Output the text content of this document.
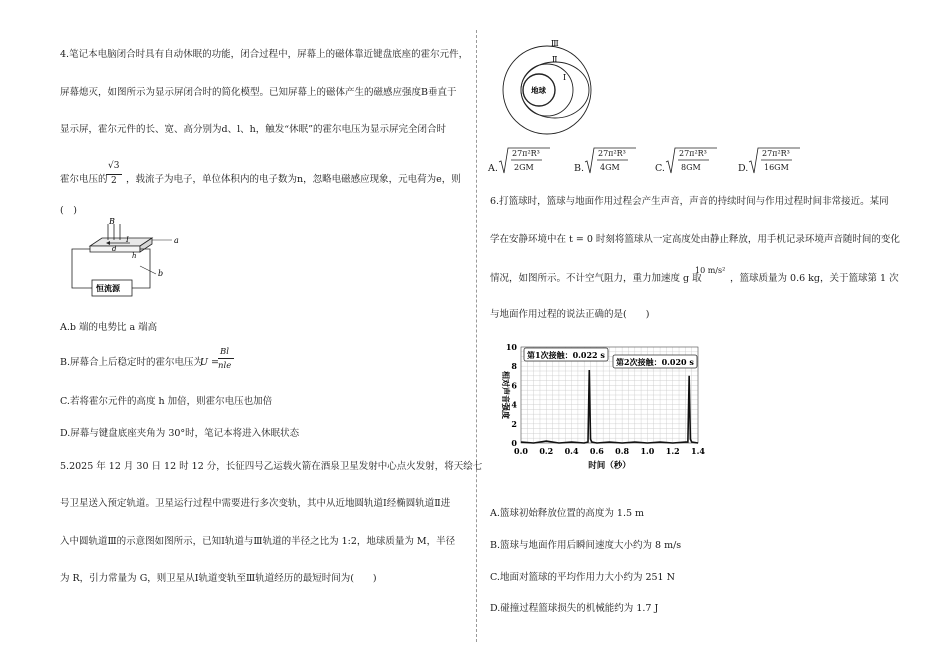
4.笔记本电脑闭合时具有自动休眠的功能，闭合过程中，屏幕上的磁体靠近键盘底座的霍尔元件，
屏幕熄灭，如图所示为显示屏闭合时的简化模型。已知屏幕上的磁体产生的磁感应强度B垂直于
显示屏，霍尔元件的长、宽、高分别为d、l、h，触发“休眠”的霍尔电压为显示屏完全闭合时
霍尔电压的
√3
2 ，载流子为电子，单位体积内的电子数为n，忽略电磁感应现象，元电荷为e，则
(　)
B
I
d
h
a
b
恒流源
A.b 端的电势比 a 端高
B.屏幕合上后稳定时的霍尔电压为
U =
Bl
nle
C.若将霍尔元件的高度 h 加倍，则霍尔电压也加倍
D.屏幕与键盘底座夹角为 30°时，笔记本将进入休眠状态
5.2025 年 12 月 30 日 12 时 12 分，长征四号乙运载火箭在酒泉卫星发射中心点火发射，将天绘七
号卫星送入预定轨道。卫星运行过程中需要进行多次变轨，其中从近地圆轨道Ⅰ经椭圆轨道Ⅱ进
入中圆轨道Ⅲ的示意图如图所示，已知Ⅰ轨道与Ⅲ轨道的半径之比为 1:2，地球质量为 M，半径
为 R，引力常量为 G，则卫星从Ⅰ轨道变轨至Ⅲ轨道经历的最短时间为(　　)
地球
Ⅲ
Ⅱ
Ⅰ
A.
27π²R³
2GM	B.
27π²R³
4GM	C.
27π²R³
8GM	D.
27π²R³
16GM
6.打篮球时，篮球与地面作用过程会产生声音，声音的持续时间与作用过程时间非常接近。某同
学在安静环境中在 t = 0 时刻将篮球从一定高度处由静止释放，用手机记录环境声音随时间的变化
情况，如图所示。不计空气阻力，重力加速度 g 取
10 m/s²
，篮球质量为 0.6 kg，关于篮球第 1 次
与地面作用过程的说法正确的是(　　)
0.0 0.2 0.4 0.6 0.8 1.0 1.2 1.4
0
2
4
6
8
10
时间（秒）
相对声音强度
第1次接触：0.022 s
第2次接触：0.020 s
A.篮球初始释放位置的高度为 1.5 m
B.篮球与地面作用后瞬间速度大小约为 8 m/s
C.地面对篮球的平均作用力大小约为 251 N
D.碰撞过程篮球损失的机械能约为 1.7 J
